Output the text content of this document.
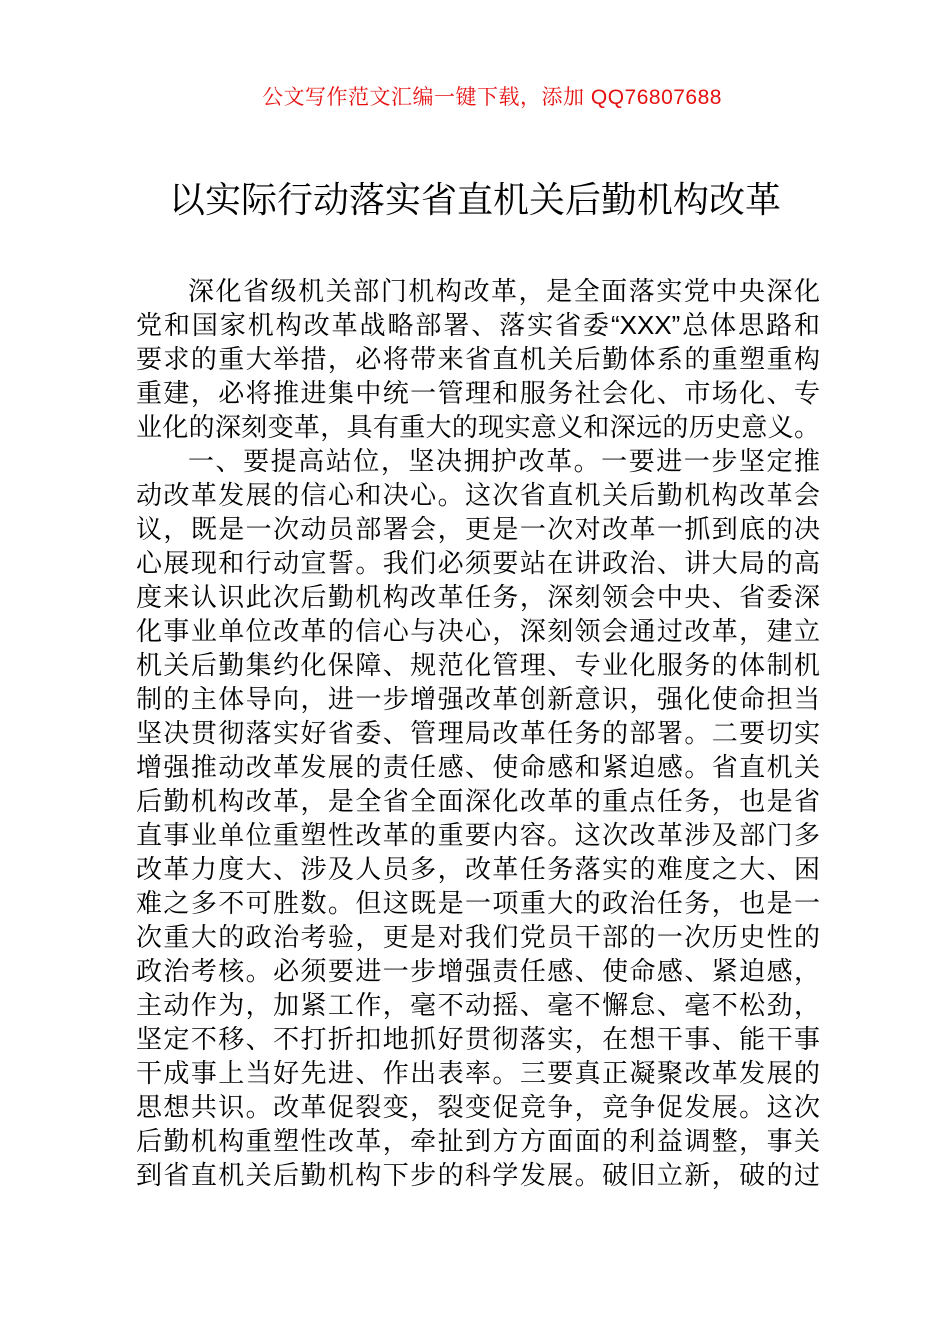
公文写作范文汇编一键下载，添加 QQ76807688
以实际行动落实省直机关后勤机构改革
深化省级机关部门机构改革，是全面落实党中央深化
党和国家机构改革战略部署、落实省委“XXX”总体思路和
要求的重大举措，必将带来省直机关后勤体系的重塑重构
重建，必将推进集中统一管理和服务社会化、市场化、专
业化的深刻变革，具有重大的现实意义和深远的历史意义。
一、要提高站位，坚决拥护改革。一要进一步坚定推
动改革发展的信心和决心。这次省直机关后勤机构改革会
议，既是一次动员部署会，更是一次对改革一抓到底的决
心展现和行动宣誓。我们必须要站在讲政治、讲大局的高
度来认识此次后勤机构改革任务，深刻领会中央、省委深
化事业单位改革的信心与决心，深刻领会通过改革，建立
机关后勤集约化保障、规范化管理、专业化服务的体制机
制的主体导向，进一步增强改革创新意识，强化使命担当
坚决贯彻落实好省委、管理局改革任务的部署。二要切实
增强推动改革发展的责任感、使命感和紧迫感。省直机关
后勤机构改革，是全省全面深化改革的重点任务，也是省
直事业单位重塑性改革的重要内容。这次改革涉及部门多
改革力度大、涉及人员多，改革任务落实的难度之大、困
难之多不可胜数。但这既是一项重大的政治任务，也是一
次重大的政治考验，更是对我们党员干部的一次历史性的
政治考核。必须要进一步增强责任感、使命感、紧迫感，
主动作为，加紧工作，毫不动摇、毫不懈怠、毫不松劲，
坚定不移、不打折扣地抓好贯彻落实，在想干事、能干事
干成事上当好先进、作出表率。三要真正凝聚改革发展的
思想共识。改革促裂变，裂变促竞争，竞争促发展。这次
后勤机构重塑性改革，牵扯到方方面面的利益调整，事关
到省直机关后勤机构下步的科学发展。破旧立新，破的过
